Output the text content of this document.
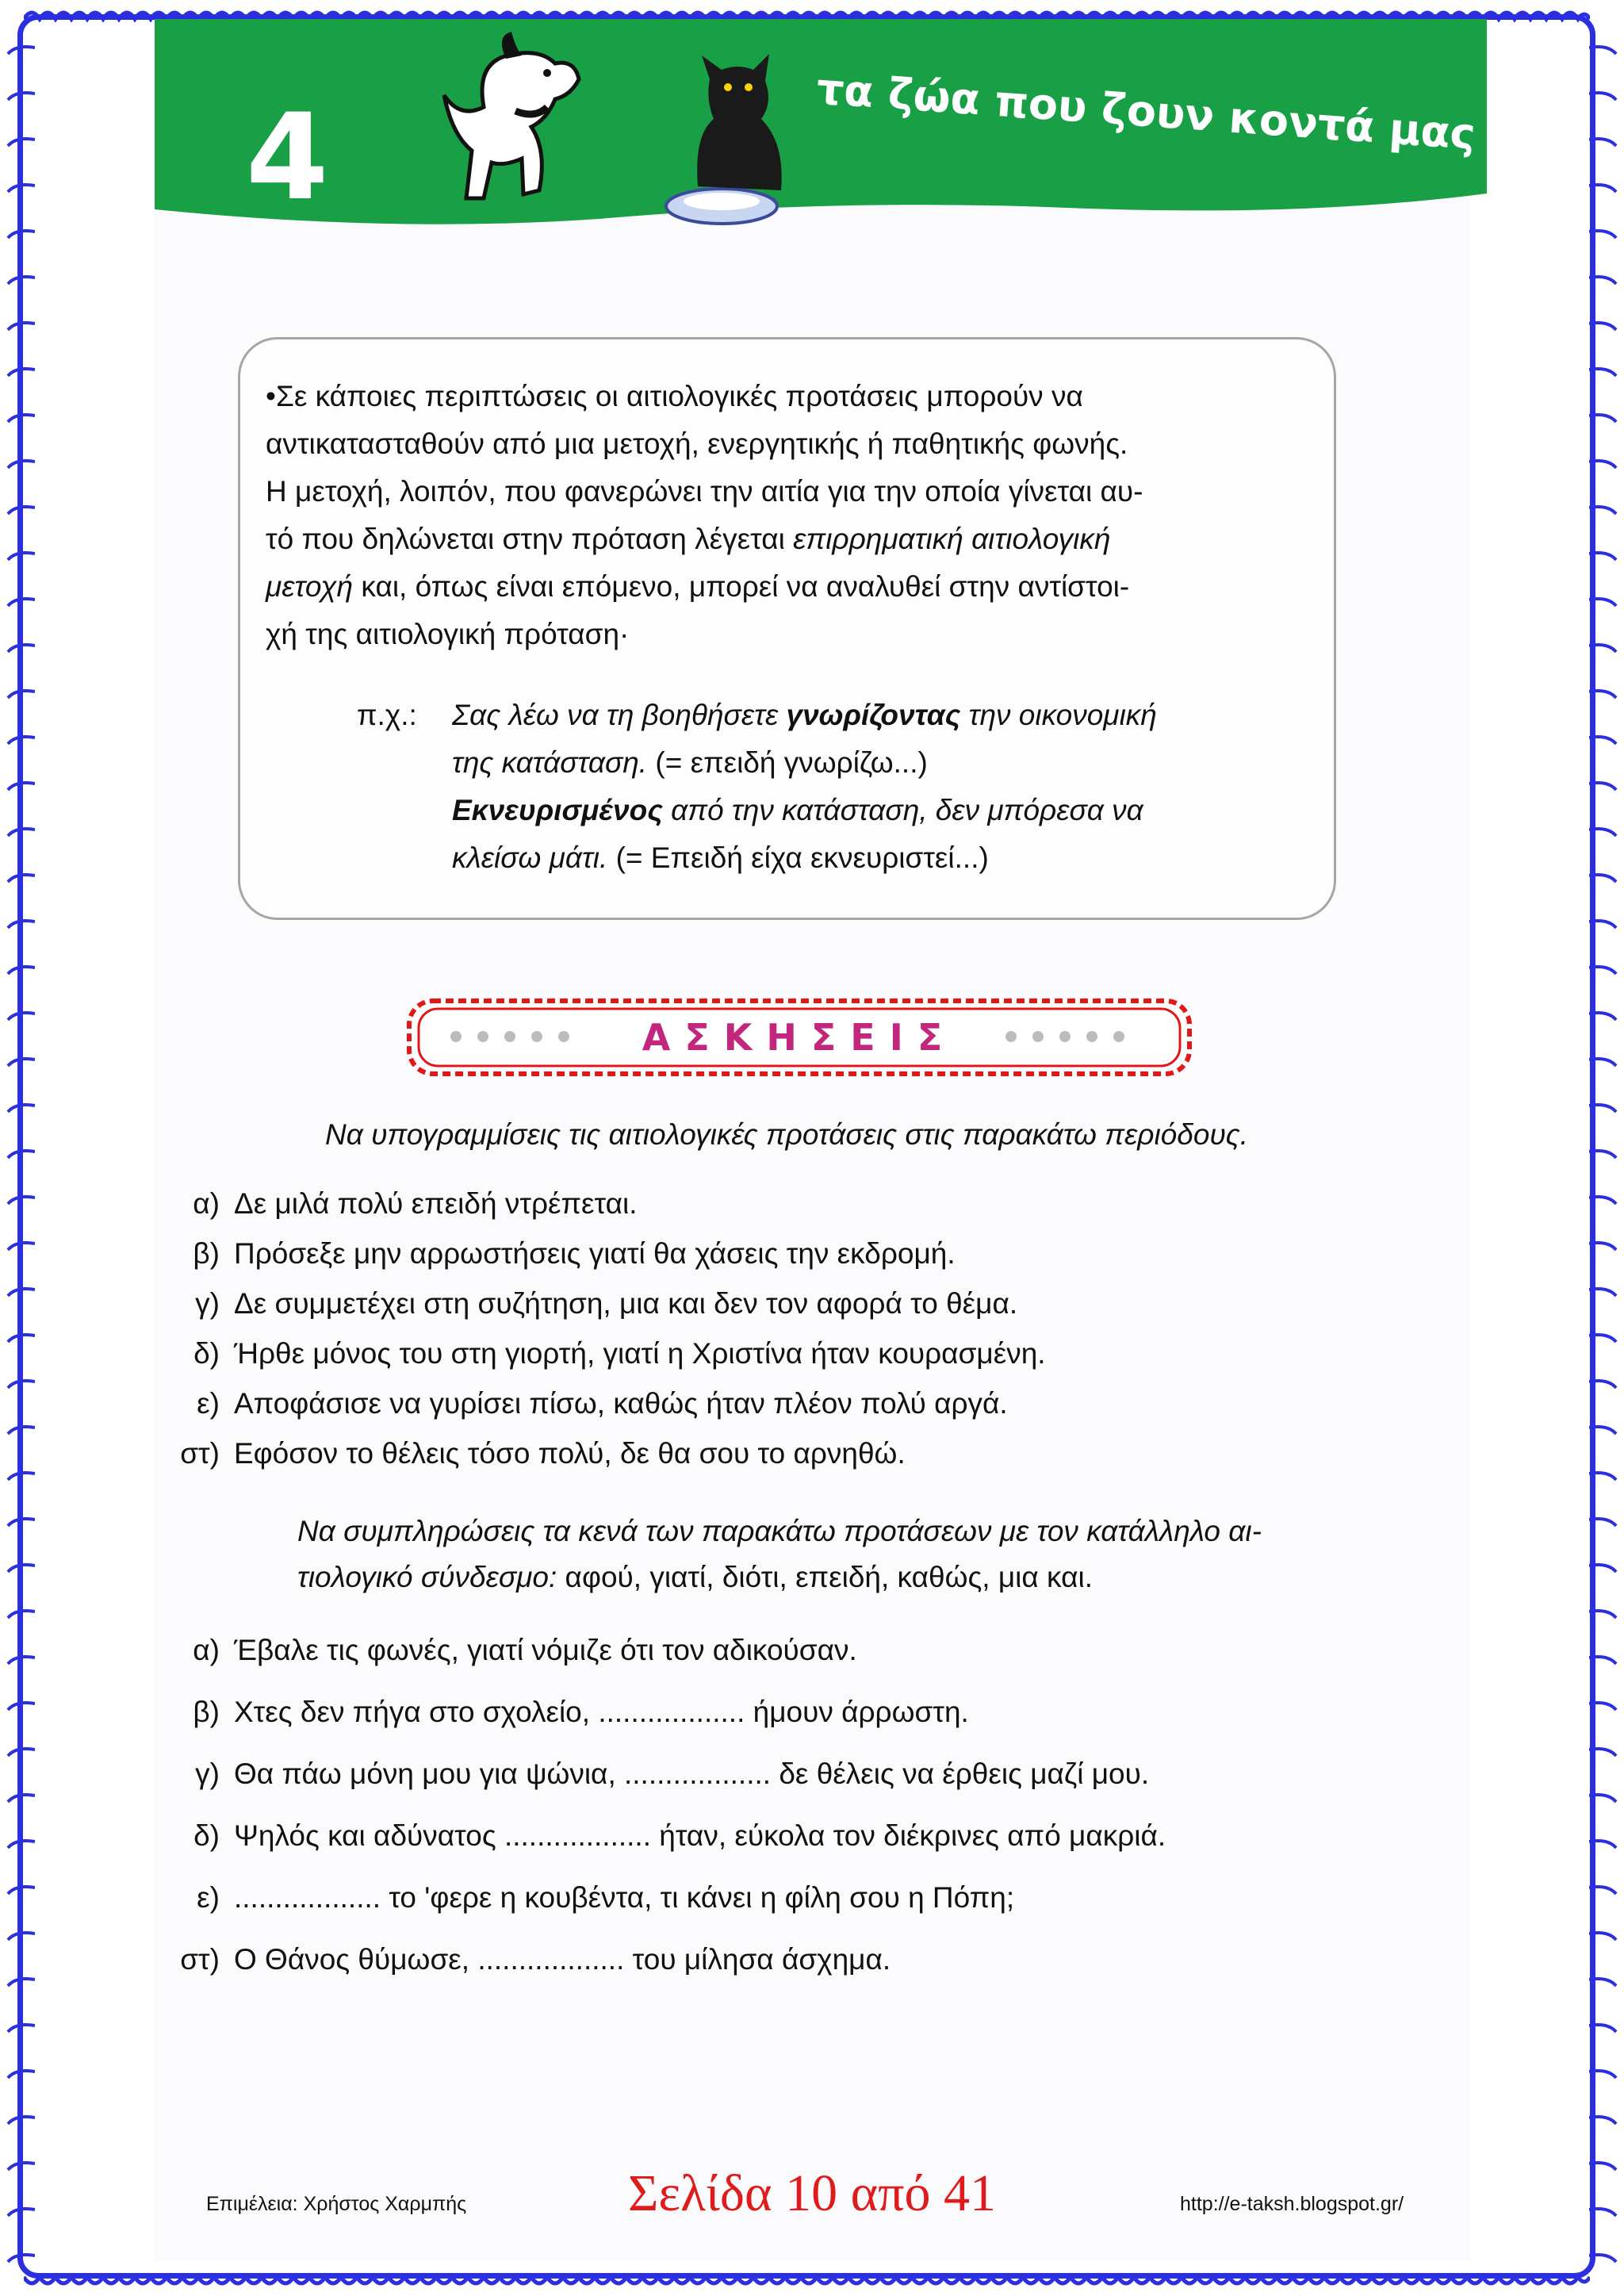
4	τα ζώα που ζουν κοντά μας
•Σε κάποιες περιπτώσεις οι αιτιολογικές προτάσεις μπορούν να
αντικατασταθούν από μια μετοχή, ενεργητικής ή παθητικής φωνής.
Η μετοχή, λοιπόν, που φανερώνει την αιτία για την οποία γίνεται αυ-
τό που δηλώνεται στην πρόταση λέγεται επιρρηματική αιτιολογική
μετοχή και, όπως είναι επόμενο, μπορεί να αναλυθεί στην αντίστοι-
χή της αιτιολογική πρόταση·
π.χ.: Σας λέω να τη βοηθήσετε γνωρίζοντας την οικονομική
της κατάσταση. (= επειδή γνωρίζω...)
Εκνευρισμένος από την κατάσταση, δεν μπόρεσα να
κλείσω μάτι. (= Επειδή είχα εκνευριστεί...)
ΑΣΚΗΣΕΙΣ
Να υπογραμμίσεις τις αιτιολογικές προτάσεις στις παρακάτω περιόδους.
α) Δε μιλά πολύ επειδή ντρέπεται.
β) Πρόσεξε μην αρρωστήσεις γιατί θα χάσεις την εκδρομή.
γ) Δε συμμετέχει στη συζήτηση, μια και δεν τον αφορά το θέμα.
δ) Ήρθε μόνος του στη γιορτή, γιατί η Χριστίνα ήταν κουρασμένη.
ε) Αποφάσισε να γυρίσει πίσω, καθώς ήταν πλέον πολύ αργά.
στ) Εφόσον το θέλεις τόσο πολύ, δε θα σου το αρνηθώ.
Να συμπληρώσεις τα κενά των παρακάτω προτάσεων με τον κατάλληλο αι-
τιολογικό σύνδεσμο: αφού, γιατί, διότι, επειδή, καθώς, μια και.
α) Έβαλε τις φωνές, γιατί νόμιζε ότι τον αδικούσαν.
β) Χτες δεν πήγα στο σχολείο, .................. ήμουν άρρωστη.
γ) Θα πάω μόνη μου για ψώνια, .................. δε θέλεις να έρθεις μαζί μου.
δ) Ψηλός και αδύνατος .................. ήταν, εύκολα τον διέκρινες από μακριά.
ε) .................. το 'φερε η κουβέντα, τι κάνει η φίλη σου η Πόπη;
στ) Ο Θάνος θύμωσε, .................. του μίλησα άσχημα.
Επιμέλεια: Χρήστος Χαρμπής	Σελίδα 10 από 41	http://e-taksh.blogspot.gr/
